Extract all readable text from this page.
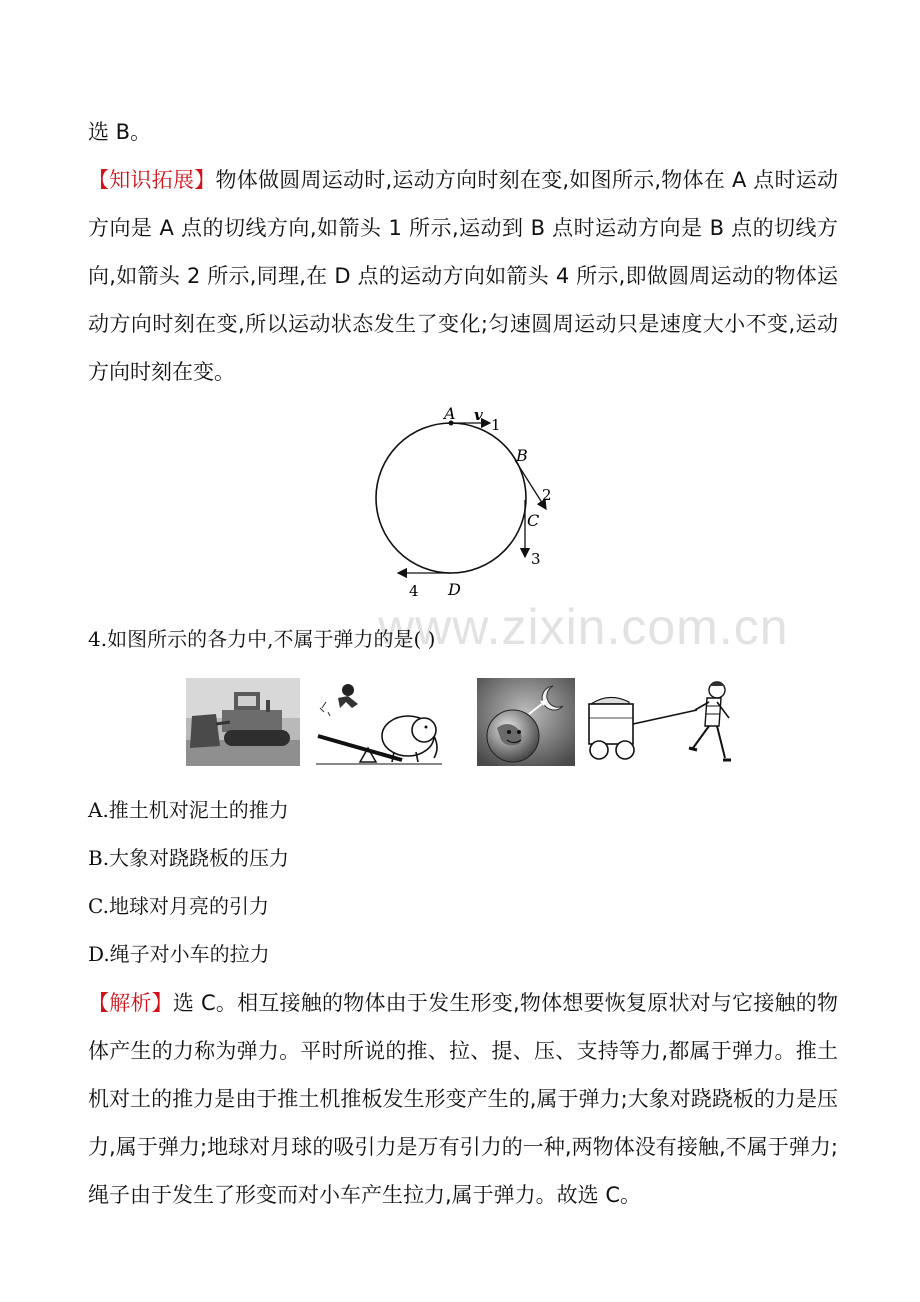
选 B。

【知识拓展】物体做圆周运动时,运动方向时刻在变,如图所示,物体在 A 点时运动方向是 A 点的切线方向,如箭头 1 所示,运动到 B 点时运动方向是 B 点的切线方向,如箭头 2 所示,同理,在 D 点的运动方向如箭头 4 所示,即做圆周运动的物体运动方向时刻在变,所以运动状态发生了变化;匀速圆周运动只是速度大小不变,运动方向时刻在变。

A v
1
B
2
C
3
4 D
www.zixin.com.cn

4.如图所示的各力中,不属于弹力的是( )

A.推土机对泥土的推力

B.大象对跷跷板的压力

C.地球对月亮的引力

D.绳子对小车的拉力

【解析】选 C。相互接触的物体由于发生形变,物体想要恢复原状对与它接触的物体产生的力称为弹力。平时所说的推、拉、提、压、支持等力,都属于弹力。推土机对土的推力是由于推土机推板发生形变产生的,属于弹力;大象对跷跷板的力是压力,属于弹力;地球对月球的吸引力是万有引力的一种,两物体没有接触,不属于弹力;绳子由于发生了形变而对小车产生拉力,属于弹力。故选 C。
